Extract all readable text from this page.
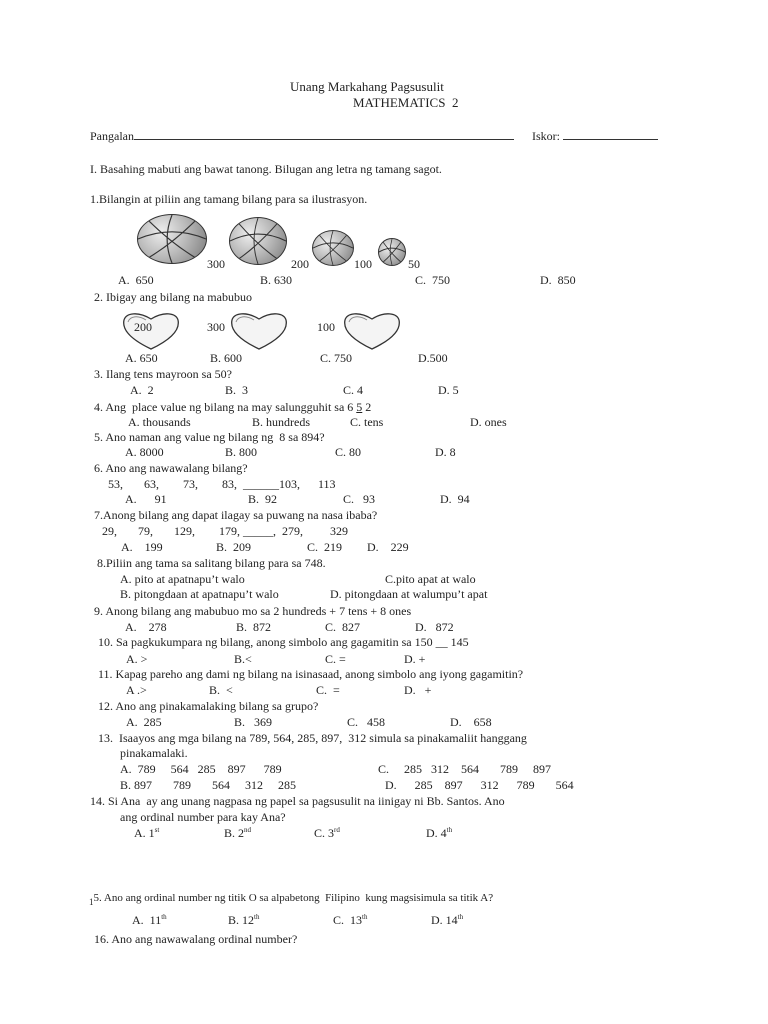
Unang Markahang Pagsusulit
MATHEMATICS  2
Pangalan	Iskor:
I. Basahing mabuti ang bawat tanong. Bilugan ang letra ng tamang sagot.
1.Bilangin at piliin ang tamang bilang para sa ilustrasyon.
300	200	100	50
A.  650	B. 630	C.  750	D.  850
2. Ibigay ang bilang na mabubuo
200	300	100
A. 650	B. 600	C. 750	D.500
3. Ilang tens mayroon sa 50?
A.  2	B.  3	C. 4	D. 5
4. Ang  place value ng bilang na may salungguhit sa 6 5 2
A. thousands	B. hundreds	C. tens	D. ones
5. Ano naman ang value ng bilang ng  8 sa 894?
A. 8000	B. 800	C. 80	D. 8
6. Ano ang nawawalang bilang?
53,       63,        73,        83,  ______103,      113
A.      91	B.  92	C.   93	D.  94
7.Anong bilang ang dapat ilagay sa puwang na nasa ibaba?
29,       79,       129,        179, _____,  279,         329
A.    199	B.  209	C.  219 D.    229
8.Piliin ang tama sa salitang bilang para sa 748.
A. pito at apatnapu’t walo	C.pito apat at walo
B. pitongdaan at apatnapu’t walo	D. pitongdaan at walumpu’t apat
9. Anong bilang ang mabubuo mo sa 2 hundreds + 7 tens + 8 ones
A.    278	B.  872	C.  827	D.   872
10. Sa pagkukumpara ng bilang, anong simbolo ang gagamitin sa 150 __ 145
A. >	B.<	C. =	D. +
11. Kapag pareho ang dami ng bilang na isinasaad, anong simbolo ang iyong gagamitin?
A .>	B.  <	C.  =	D.   +
12. Ano ang pinakamalaking bilang sa grupo?
A.  285	B.   369	C.   458	D.    658
13.  Isaayos ang mga bilang na 789, 564, 285, 897,  312 simula sa pinakamaliit hanggang
pinakamalaki.
A.  789     564   285    897      789	C.     285   312    564       789     897
B. 897       789       564     312     285	D.      285    897      312      789       564
14. Si Ana  ay ang unang nagpasa ng papel sa pagsusulit na iinigay ni Bb. Santos. Ano
ang ordinal number para kay Ana?
A. 1st	B. 2nd	C. 3rd	D. 4th
$_1$5. Ano ang ordinal number ng titik O sa alpabetong  Filipino  kung magsisimula sa titik A?
A.  11th	B. 12th	C.  13th	D. 14th
16. Ano ang nawawalang ordinal number?
